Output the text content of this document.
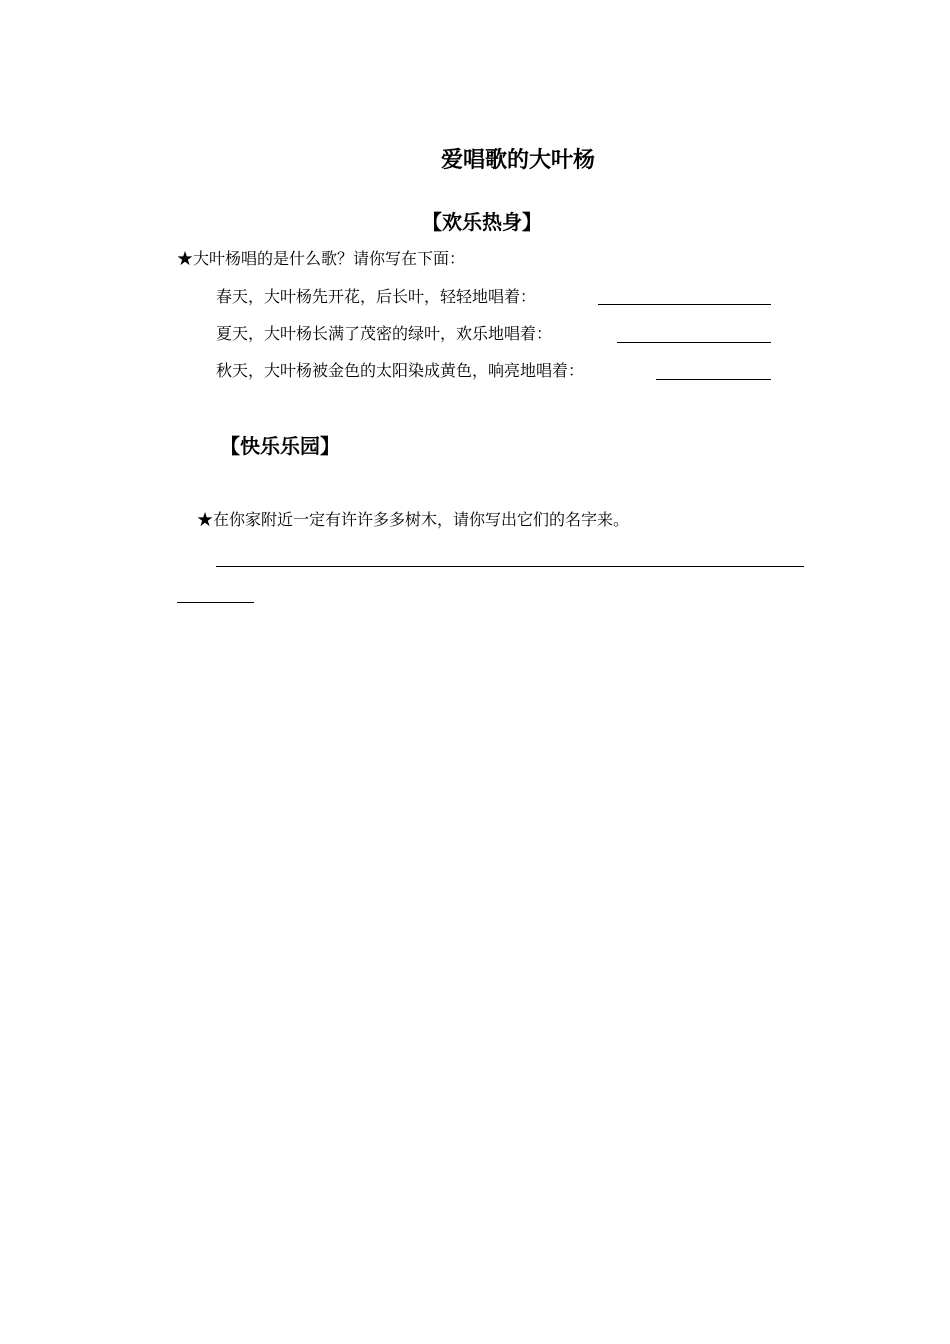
爱唱歌的大叶杨
【欢乐热身】
★大叶杨唱的是什么歌？请你写在下面：
春天，大叶杨先开花，后长叶，轻轻地唱着：
夏天，大叶杨长满了茂密的绿叶，欢乐地唱着：
秋天，大叶杨被金色的太阳染成黄色，响亮地唱着：
【快乐乐园】
★在你家附近一定有许许多多树木，请你写出它们的名字来。
